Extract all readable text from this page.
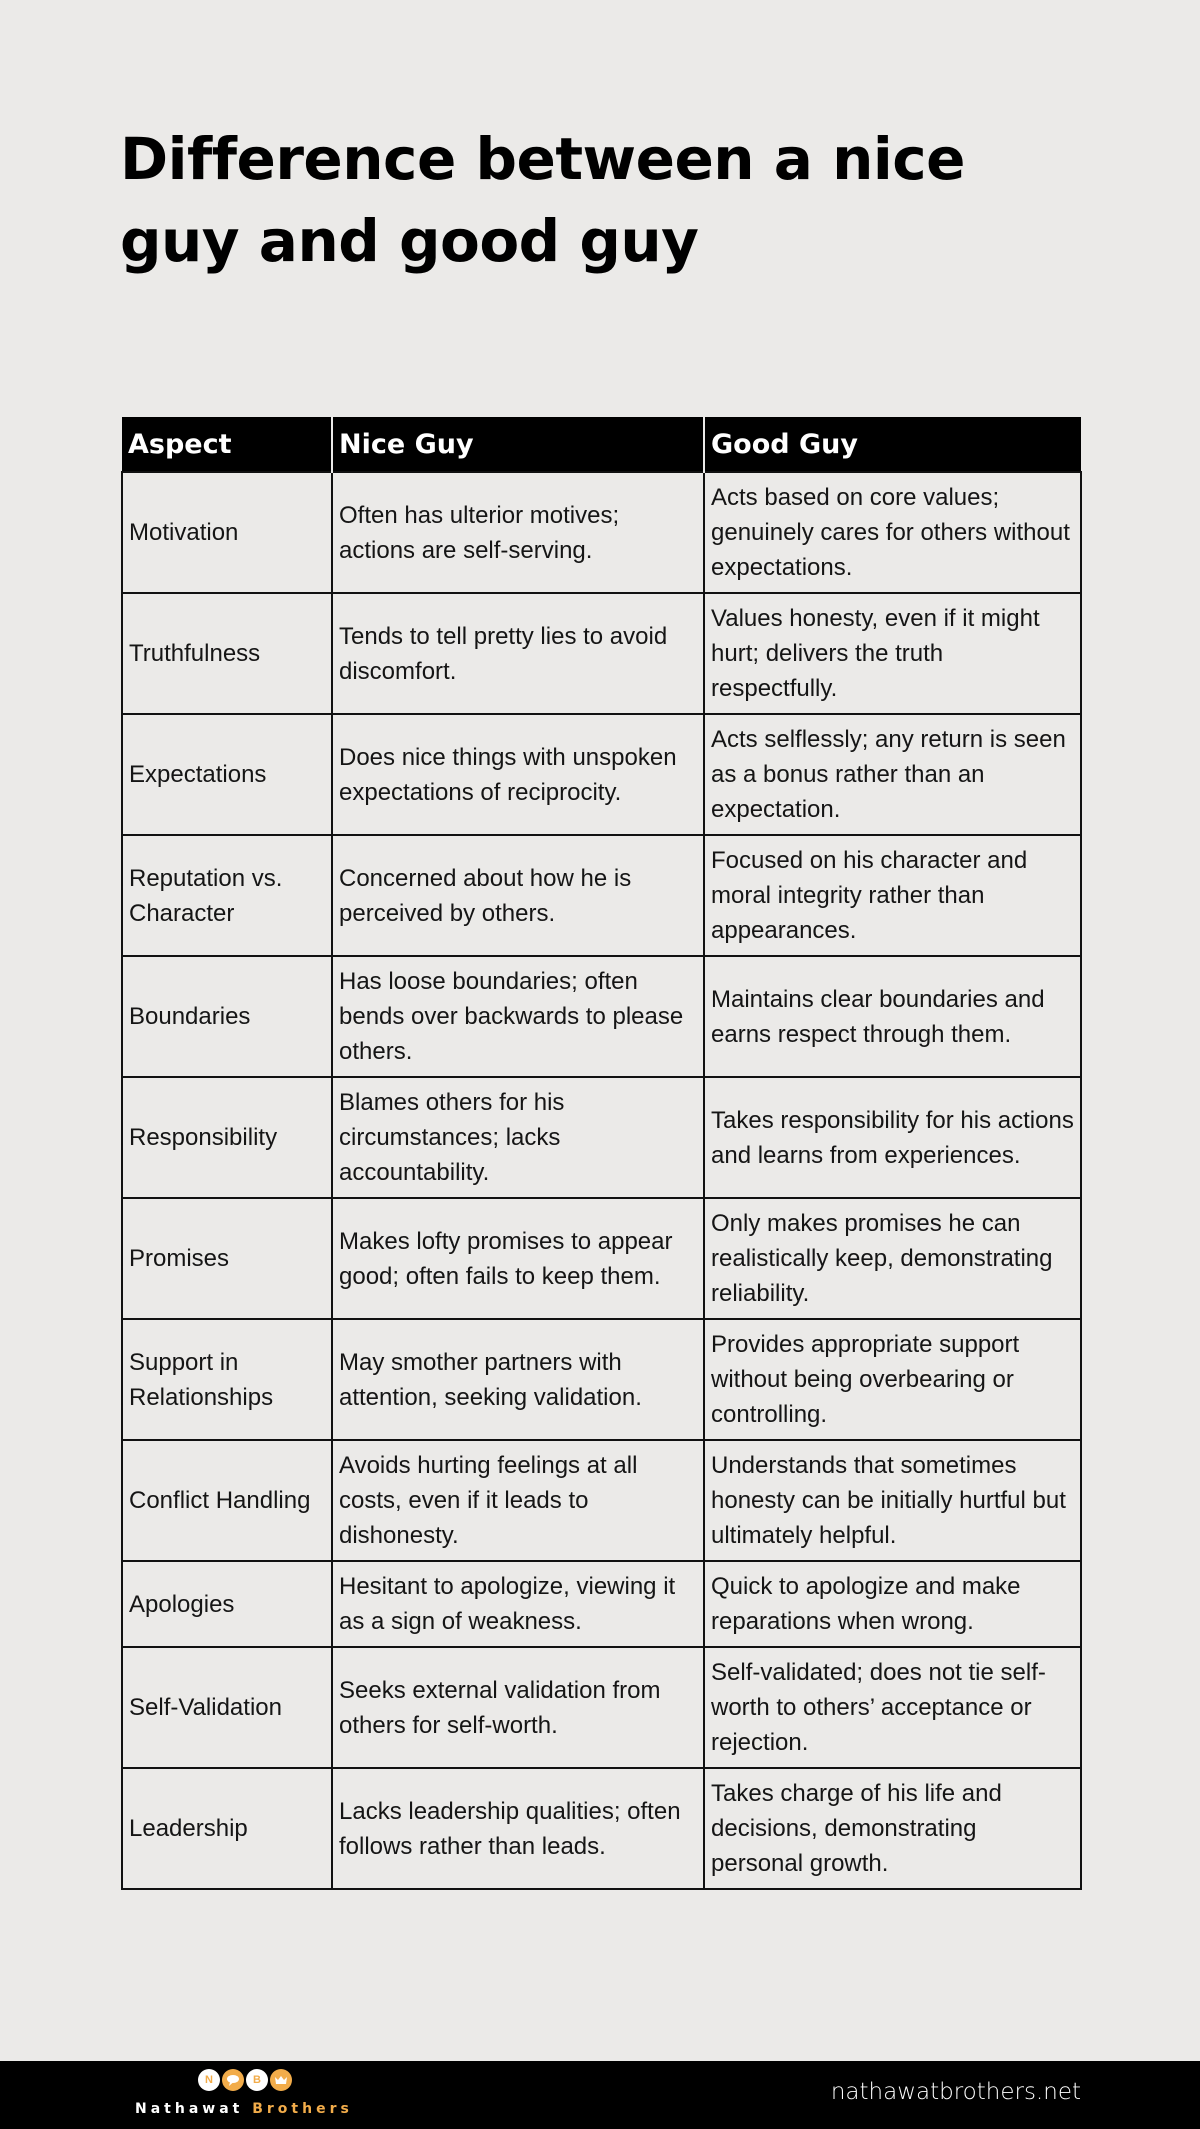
Difference between a nice guy and good guy
Aspect	Nice Guy	Good Guy
Motivation	Often has ulterior motives; actions are self-serving.	Acts based on core values; genuinely cares for others without expectations.
Truthfulness	Tends to tell pretty lies to avoid discomfort.	Values honesty, even if it might hurt; delivers the truth respectfully.
Expectations	Does nice things with unspoken expectations of reciprocity.	Acts selflessly; any return is seen as a bonus rather than an expectation.
Reputation vs. Character	Concerned about how he is perceived by others.	Focused on his character and moral integrity rather than appearances.
Boundaries	Has loose boundaries; often bends over backwards to please others.	Maintains clear boundaries and earns respect through them.
Responsibility	Blames others for his circumstances; lacks accountability.	Takes responsibility for his actions and learns from experiences.
Promises	Makes lofty promises to appear good; often fails to keep them.	Only makes promises he can realistically keep, demonstrating reliability.
Support in Relationships	May smother partners with attention, seeking validation.	Provides appropriate support without being overbearing or controlling.
Conflict Handling	Avoids hurting feelings at all costs, even if it leads to dishonesty.	Understands that sometimes honesty can be initially hurtful but ultimately helpful.
Apologies	Hesitant to apologize, viewing it as a sign of weakness.	Quick to apologize and make reparations when wrong.
Self-Validation	Seeks external validation from others for self-worth.	Self-validated; does not tie self-worth to others’ acceptance or rejection.
Leadership	Lacks leadership qualities; often follows rather than leads.	Takes charge of his life and decisions, demonstrating personal growth.
N	B
Nathawat Brothers
nathawatbrothers.net
